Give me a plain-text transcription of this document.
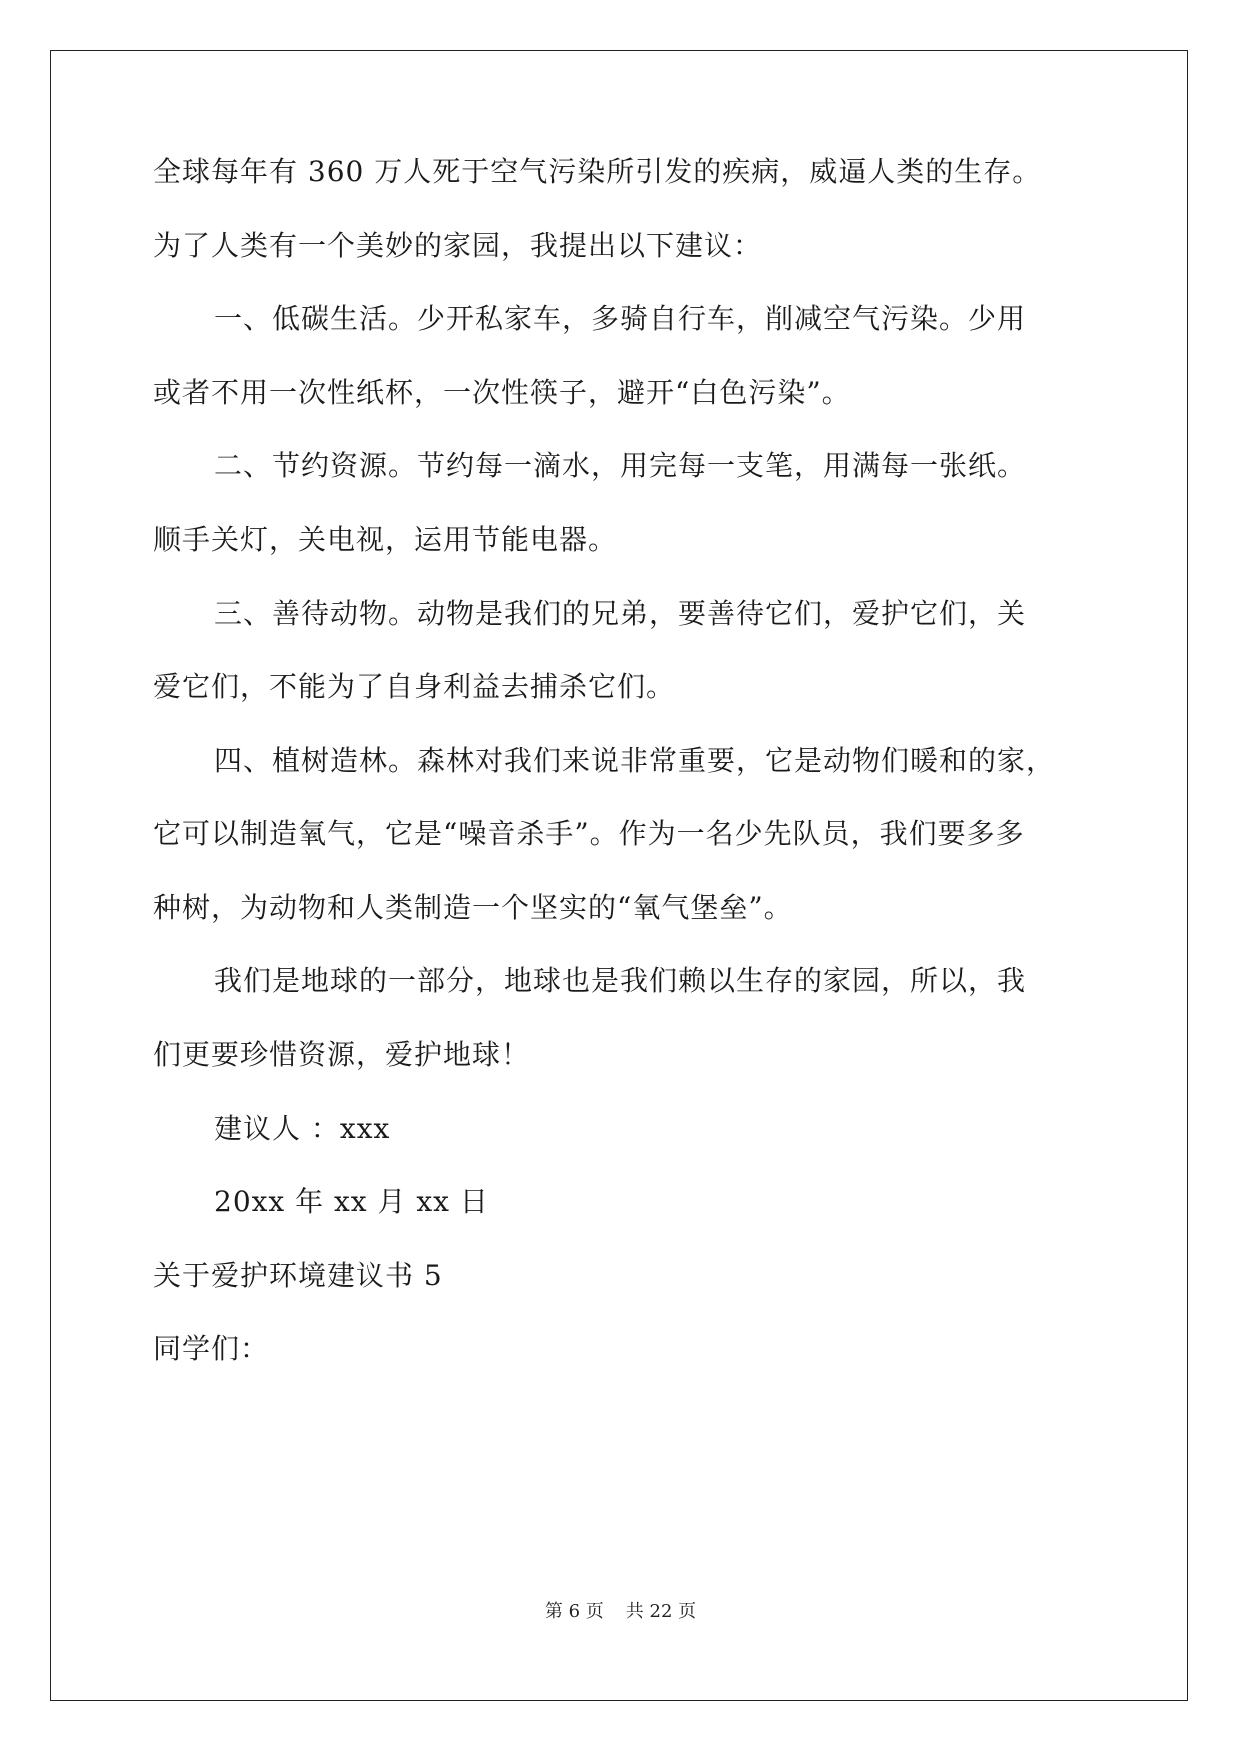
全球每年有 360 万人死于空气污染所引发的疾病，威逼人类的生存。
为了人类有一个美妙的家园，我提出以下建议：
一、低碳生活。少开私家车，多骑自行车，削减空气污染。少用
或者不用一次性纸杯，一次性筷子，避开“白色污染”。
二、节约资源。节约每一滴水，用完每一支笔，用满每一张纸。
顺手关灯，关电视，运用节能电器。
三、善待动物。动物是我们的兄弟，要善待它们，爱护它们，关
爱它们，不能为了自身利益去捕杀它们。
四、植树造林。森林对我们来说非常重要，它是动物们暖和的家，
它可以制造氧气，它是“噪音杀手”。作为一名少先队员，我们要多多
种树，为动物和人类制造一个坚实的“氧气堡垒”。
我们是地球的一部分，地球也是我们赖以生存的家园，所以，我
们更要珍惜资源，爱护地球！
建议人 ：xxx
20xx 年 xx 月 xx 日
关于爱护环境建议书 5
同学们：
第 6 页 共 22 页
